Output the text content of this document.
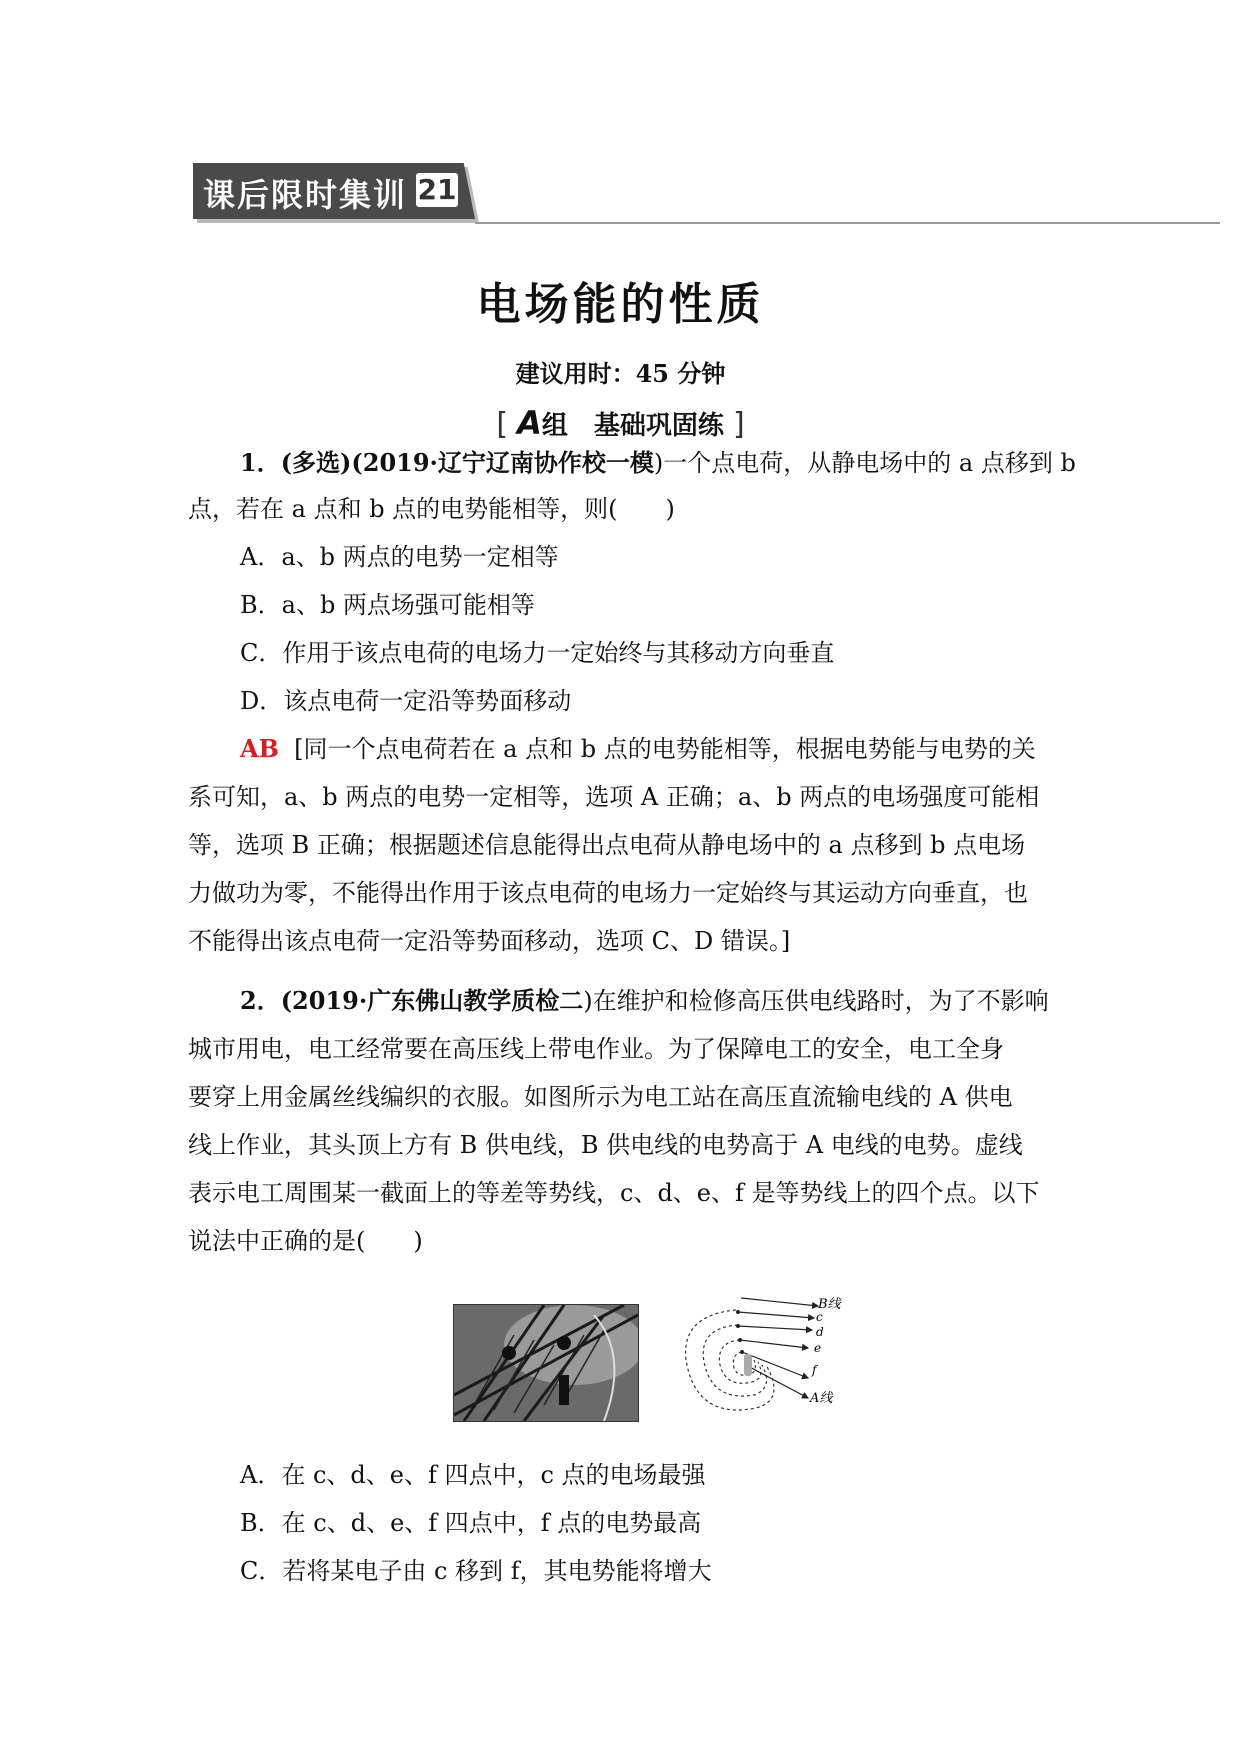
课后限时集训 21
电场能的性质
建议用时：45 分钟
[ A组　基础巩固练 ]
1．(多选)(2019·辽宁辽南协作校一模)一个点电荷，从静电场中的 a 点移到 b
点，若在 a 点和 b 点的电势能相等，则(　　)
A．a、b 两点的电势一定相等
B．a、b 两点场强可能相等
C．作用于该点电荷的电场力一定始终与其移动方向垂直
D．该点电荷一定沿等势面移动
AB [同一个点电荷若在 a 点和 b 点的电势能相等，根据电势能与电势的关
系可知，a、b 两点的电势一定相等，选项 A 正确；a、b 两点的电场强度可能相
等，选项 B 正确；根据题述信息能得出点电荷从静电场中的 a 点移到 b 点电场
力做功为零，不能得出作用于该点电荷的电场力一定始终与其运动方向垂直，也
不能得出该点电荷一定沿等势面移动，选项 C、D 错误。]
2．(2019·广东佛山教学质检二)在维护和检修高压供电线路时，为了不影响
城市用电，电工经常要在高压线上带电作业。为了保障电工的安全，电工全身
要穿上用金属丝线编织的衣服。如图所示为电工站在高压直流输电线的 A 供电
线上作业，其头顶上方有 B 供电线，B 供电线的电势高于 A 电线的电势。虚线
表示电工周围某一截面上的等差等势线，c、d、e、f 是等势线上的四个点。以下
说法中正确的是(　　)
B线
c
d
e
f
A线
A．在 c、d、e、f 四点中，c 点的电场最强
B．在 c、d、e、f 四点中，f 点的电势最高
C．若将某电子由 c 移到 f，其电势能将增大
